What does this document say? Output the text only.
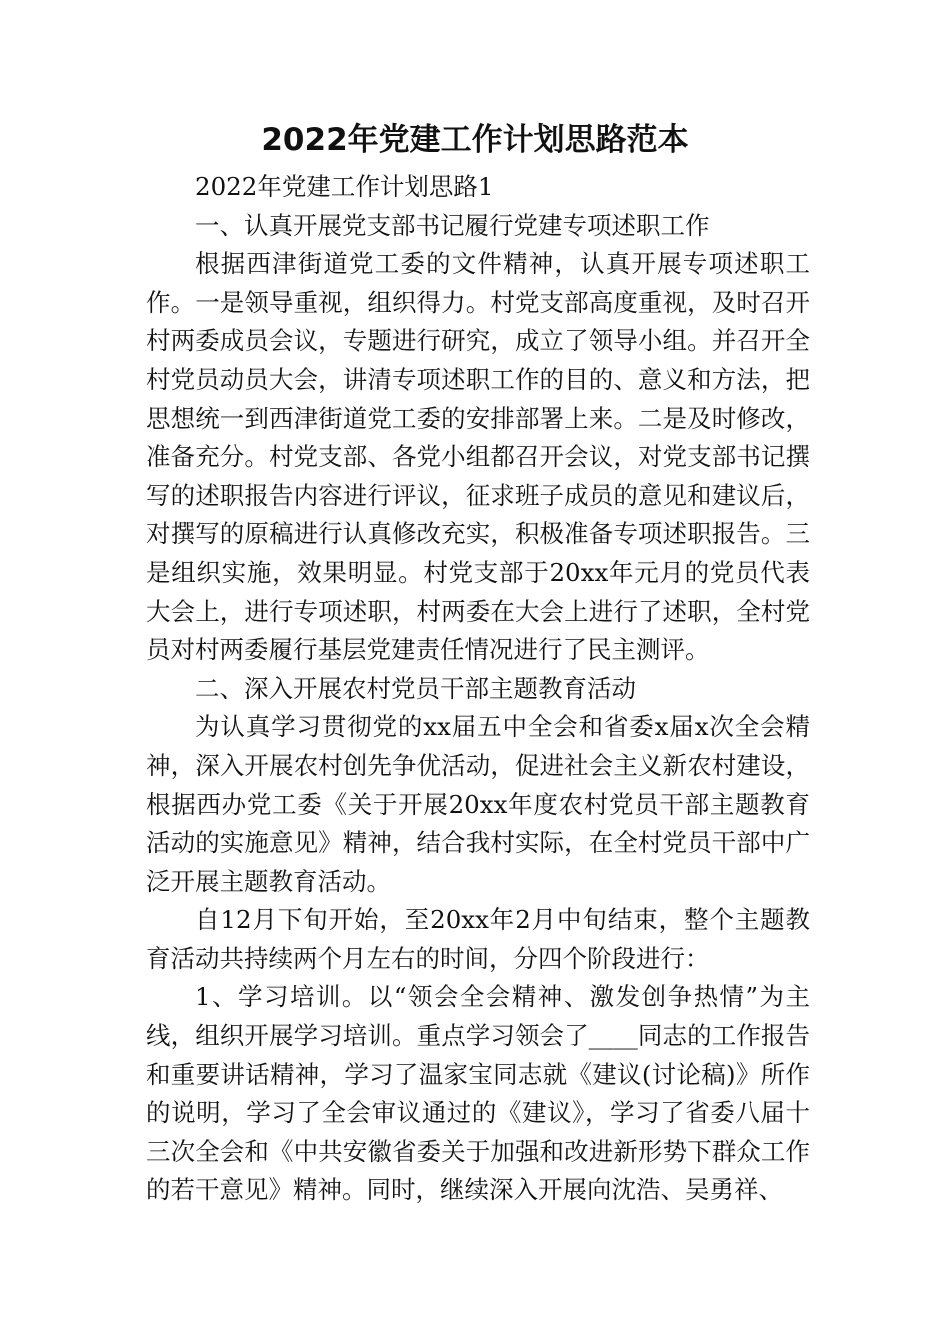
2022年党建工作计划思路范本

2022年党建工作计划思路1

一、认真开展党支部书记履行党建专项述职工作

根据西津街道党工委的文件精神，认真开展专项述职工作。一是领导重视，组织得力。村党支部高度重视，及时召开村两委成员会议，专题进行研究，成立了领导小组。并召开全村党员动员大会，讲清专项述职工作的目的、意义和方法，把思想统一到西津街道党工委的安排部署上来。二是及时修改，准备充分。村党支部、各党小组都召开会议，对党支部书记撰写的述职报告内容进行评议，征求班子成员的意见和建议后，对撰写的原稿进行认真修改充实，积极准备专项述职报告。三是组织实施，效果明显。村党支部于20xx年元月的党员代表大会上，进行专项述职，村两委在大会上进行了述职，全村党员对村两委履行基层党建责任情况进行了民主测评。

二、深入开展农村党员干部主题教育活动

为认真学习贯彻党的xx届五中全会和省委x届x次全会精神，深入开展农村创先争优活动，促进社会主义新农村建设，根据西办党工委《关于开展20xx年度农村党员干部主题教育活动的实施意见》精神，结合我村实际，在全村党员干部中广泛开展主题教育活动。

自12月下旬开始，至20xx年2月中旬结束，整个主题教育活动共持续两个月左右的时间，分四个阶段进行：

1、学习培训。以“领会全会精神、激发创争热情”为主线，组织开展学习培训。重点学习领会了____同志的工作报告和重要讲话精神，学习了温家宝同志就《建议(讨论稿)》所作的说明，学习了全会审议通过的《建议》，学习了省委八届十三次全会和《中共安徽省委关于加强和改进新形势下群众工作的若干意见》精神。同时，继续深入开展向沈浩、吴勇祥、
